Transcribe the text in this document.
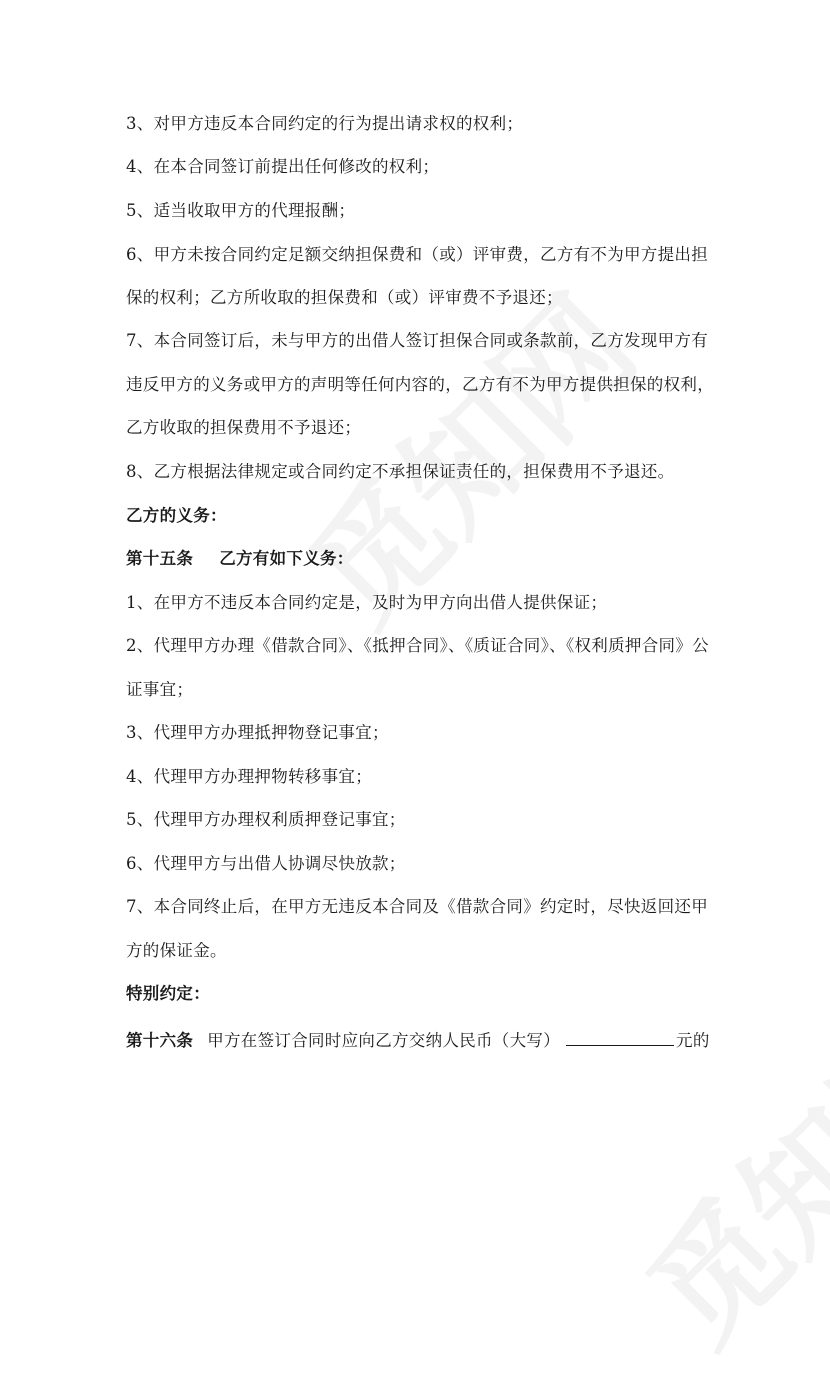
3、对甲方违反本合同约定的行为提出请求权的权利；
4、在本合同签订前提出任何修改的权利；
5、适当收取甲方的代理报酬；
6、甲方未按合同约定足额交纳担保费和（或）评审费，乙方有不为甲方提出担
保的权利；乙方所收取的担保费和（或）评审费不予退还；
7、本合同签订后，未与甲方的出借人签订担保合同或条款前，乙方发现甲方有
违反甲方的义务或甲方的声明等任何内容的，乙方有不为甲方提供担保的权利，
乙方收取的担保费用不予退还；
8、乙方根据法律规定或合同约定不承担保证责任的，担保费用不予退还。
乙方的义务：
第十五条 乙方有如下义务：
1、在甲方不违反本合同约定是，及时为甲方向出借人提供保证；
2、代理甲方办理《借款合同》、《抵押合同》、《质证合同》、《权利质押合同》公
证事宜；
3、代理甲方办理抵押物登记事宜；
4、代理甲方办理押物转移事宜；
5、代理甲方办理权利质押登记事宜；
6、代理甲方与出借人协调尽快放款；
7、本合同终止后，在甲方无违反本合同及《借款合同》约定时，尽快返回还甲
方的保证金。
特别约定：
第十六条 甲方在签订合同时应向乙方交纳人民币（大写）	元的
